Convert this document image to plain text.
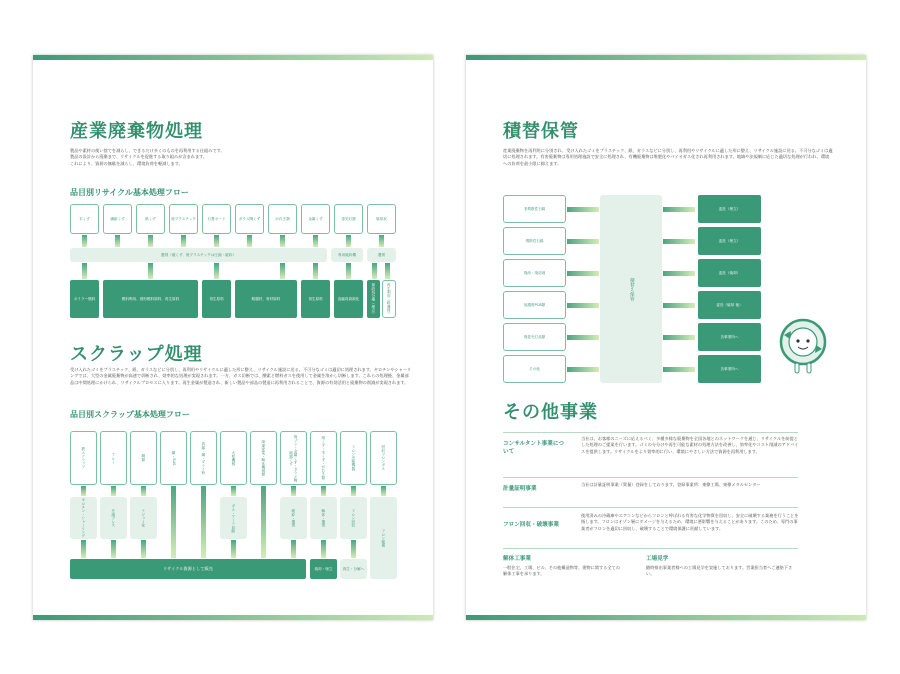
産業廃棄物処理
製品や素材の使い捨てを減らし、できるだけ多くのものを再利用する仕組みです。
製品の設計から廃棄まで、リサイクルを促進する取り組みが含まれます。
これにより、資源の無駄を減らし、環境負荷を軽減します。
品目別リサイクル基本処理フロー
木くず	繊維くず	紙くず	廃プラスチック	石膏ボード	ガラス陶くず	がれき類	金属くず	蛍光灯類	焼却灰
選別（破くず、廃プラスチックは圧縮・破砕）	専用破砕機	選別
ボイラー燃料	燃料利用、固形燃料原料、再生原料	再生原料	路盤材、骨材原料	再生原料	溶融再資源化	最終処分場（埋立）	再生利用（路盤材）
スクラップ処理
受け入れたゴミをプラスチック、紙、ガラスなどに分別し、再利用やリサイクルに適した形に整え、リサイクル施設に送る。不可分なゴミは適切に処理されます。ギロチンやシャーリングでは、大型の金属廃棄物が高速で切断され、効率的な処理が実現されます。一方、ガス切断では、酸素と燃料ガスを使用して金属を溶かし切断します。これらの処理後、金属部品は中間処理にかけられ、リサイクルプロセスに入ります。再生金属が製造され、新しい製品や部品の製造に再利用されることで、資源の有効活用と廃棄物の削減が実現されます。
品目別スクラップ基本処理フロー
鉄スクラップ	アルミ	銅類	鋼・SUS	真鍮・鋼・ダライ粉	大型機械	廃棄家電・解体機械類	廃プラ・金属くず・ガラス陶磁器くず	紙くず・木くず・がれき類	フロン冷媒機器	回収フロンガス
ギロチン・シャーリング	圧縮プレス	ナゲット化	ガス・アーク切断	破砕・選別	解体・選別	フロン回収
フロン破壊
リサイクル資源として販売	焼却・埋立	再生・分解へ
積替保管
産業廃棄物を再利用に分別され、受け入れたゴミをプラスチック、紙、ガラスなどに分別し、再利用やリサイクルに適した形に整え、リサイクル施設に送る。不可分なゴミは適切に処理されます。有害廃棄物は専用処理施設で安全に処理され、有機廃棄物は堆肥化やバイオガス化され再利用されます。地域や法規制に応じた適切な処理が行われ、環境への負荷を最小限に抑えます。
非飛散性石綿
飛散性石綿
廃油・廃溶剤
低濃度PCB類
廃蛍光灯品類
その他
積替え保管
委託（埋立）
委託（埋立）
委託（焼却）
委託（焼却 他）
各事業所へ
各事業所へ
その他事業
コンサルタント事業について
当社は、お客様のニーズに応えるべく、多種多様な廃棄物を全国各地とのネットワークを通じ、リサイクルを前提とした処理のご提案を行います。ゴミの分分けや再生可能な素材の処理方法を改善し、効率化やコスト削減のアドバイスを提供します。リサイクルをより効率的に行い、環境にやさしい方法で資源を再利用します。
計量証明事業
当社は計量証明事業（質量）登録をしております。登録事業所：東僚工場、東僚メタルセンター
フロン回収・破壊事業
使用済みの冷蔵庫やエアコンなどからフロンと呼ばれる有害な化学物質を回収し、安全に破壊する業務を行うことを指します。フロンはオゾン層にダメージを与えるため、環境に悪影響を与えることがあります。このため、専門の事業者がフロンを適切に回収し、破壊することで環境保護に貢献しています。
解体工事業
一般住宅、工場、ビル、その他構造物等、建物に関する全ての解体工事を承ります。
工場見学
随時排出事業者様への工場見学を実施しております。営業担当者へご連絡下さい。
